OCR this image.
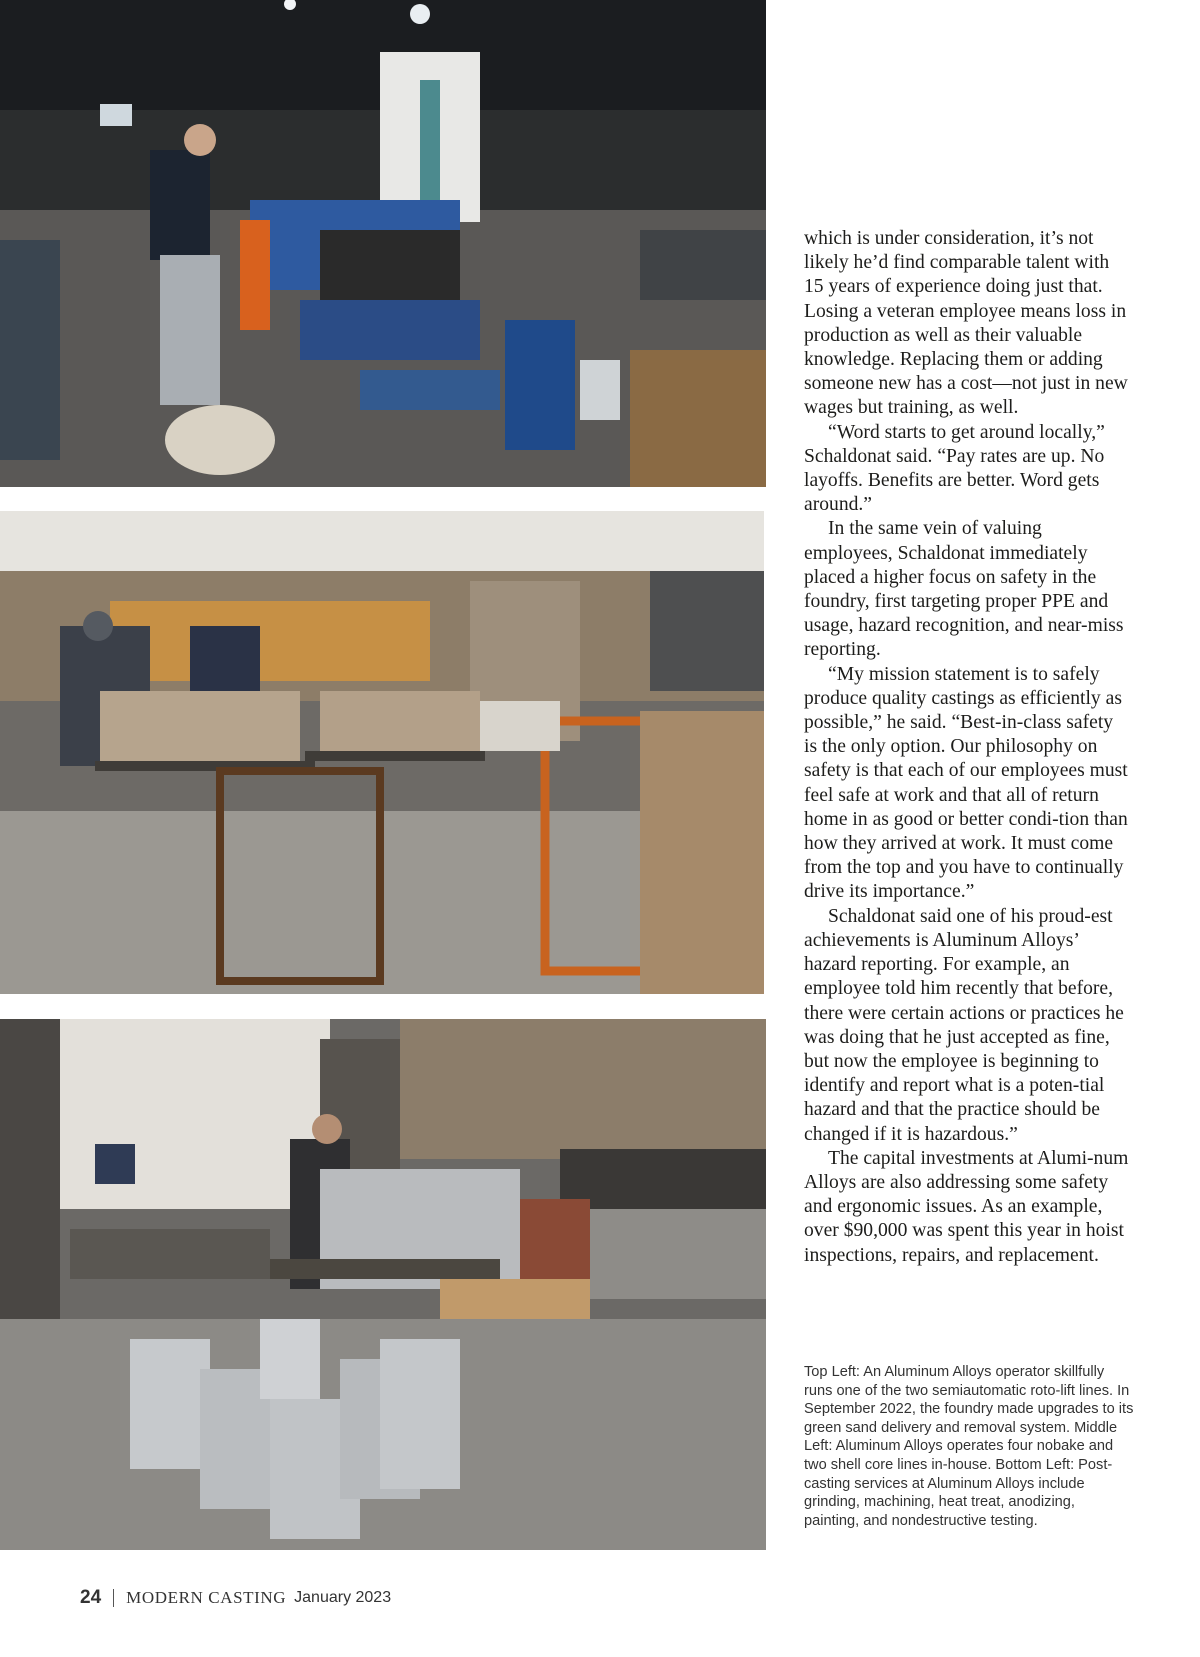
which is under consideration, it’s not likely he’d find comparable talent with 15 years of experience doing just that. Losing a veteran employee means loss in production as well as their valuable knowledge. Replacing them or adding someone new has a cost—not just in new wages but training, as well.

“Word starts to get around locally,” Schaldonat said. “Pay rates are up. No layoffs. Benefits are better. Word gets around.”

In the same vein of valuing employees, Schaldonat immediately placed a higher focus on safety in the foundry, first targeting proper PPE and usage, hazard recognition, and near-miss reporting.

“My mission statement is to safely produce quality castings as efficiently as possible,” he said. “Best-in-class safety is the only option. Our philosophy on safety is that each of our employees must feel safe at work and that all of return home in as good or better condi-tion than how they arrived at work. It must come from the top and you have to continually drive its importance.”

Schaldonat said one of his proud-est achievements is Aluminum Alloys’ hazard reporting. For example, an employee told him recently that before, there were certain actions or practices he was doing that he just accepted as fine, but now the employee is beginning to identify and report what is a poten-tial hazard and that the practice should be changed if it is hazardous.”

The capital investments at Alumi-num Alloys are also addressing some safety and ergonomic issues. As an example, over $90,000 was spent this year in hoist inspections, repairs, and replacement.

Top Left: An Aluminum Alloys operator skillfully runs one of the two semiautomatic roto-lift lines. In September 2022, the foundry made upgrades to its green sand delivery and removal system. Middle Left: Aluminum Alloys operates four nobake and two shell core lines in-house. Bottom Left: Post-casting services at Aluminum Alloys include grinding, machining, heat treat, anodizing, painting, and nondestructive testing.
24 MODERN CASTING January 2023
